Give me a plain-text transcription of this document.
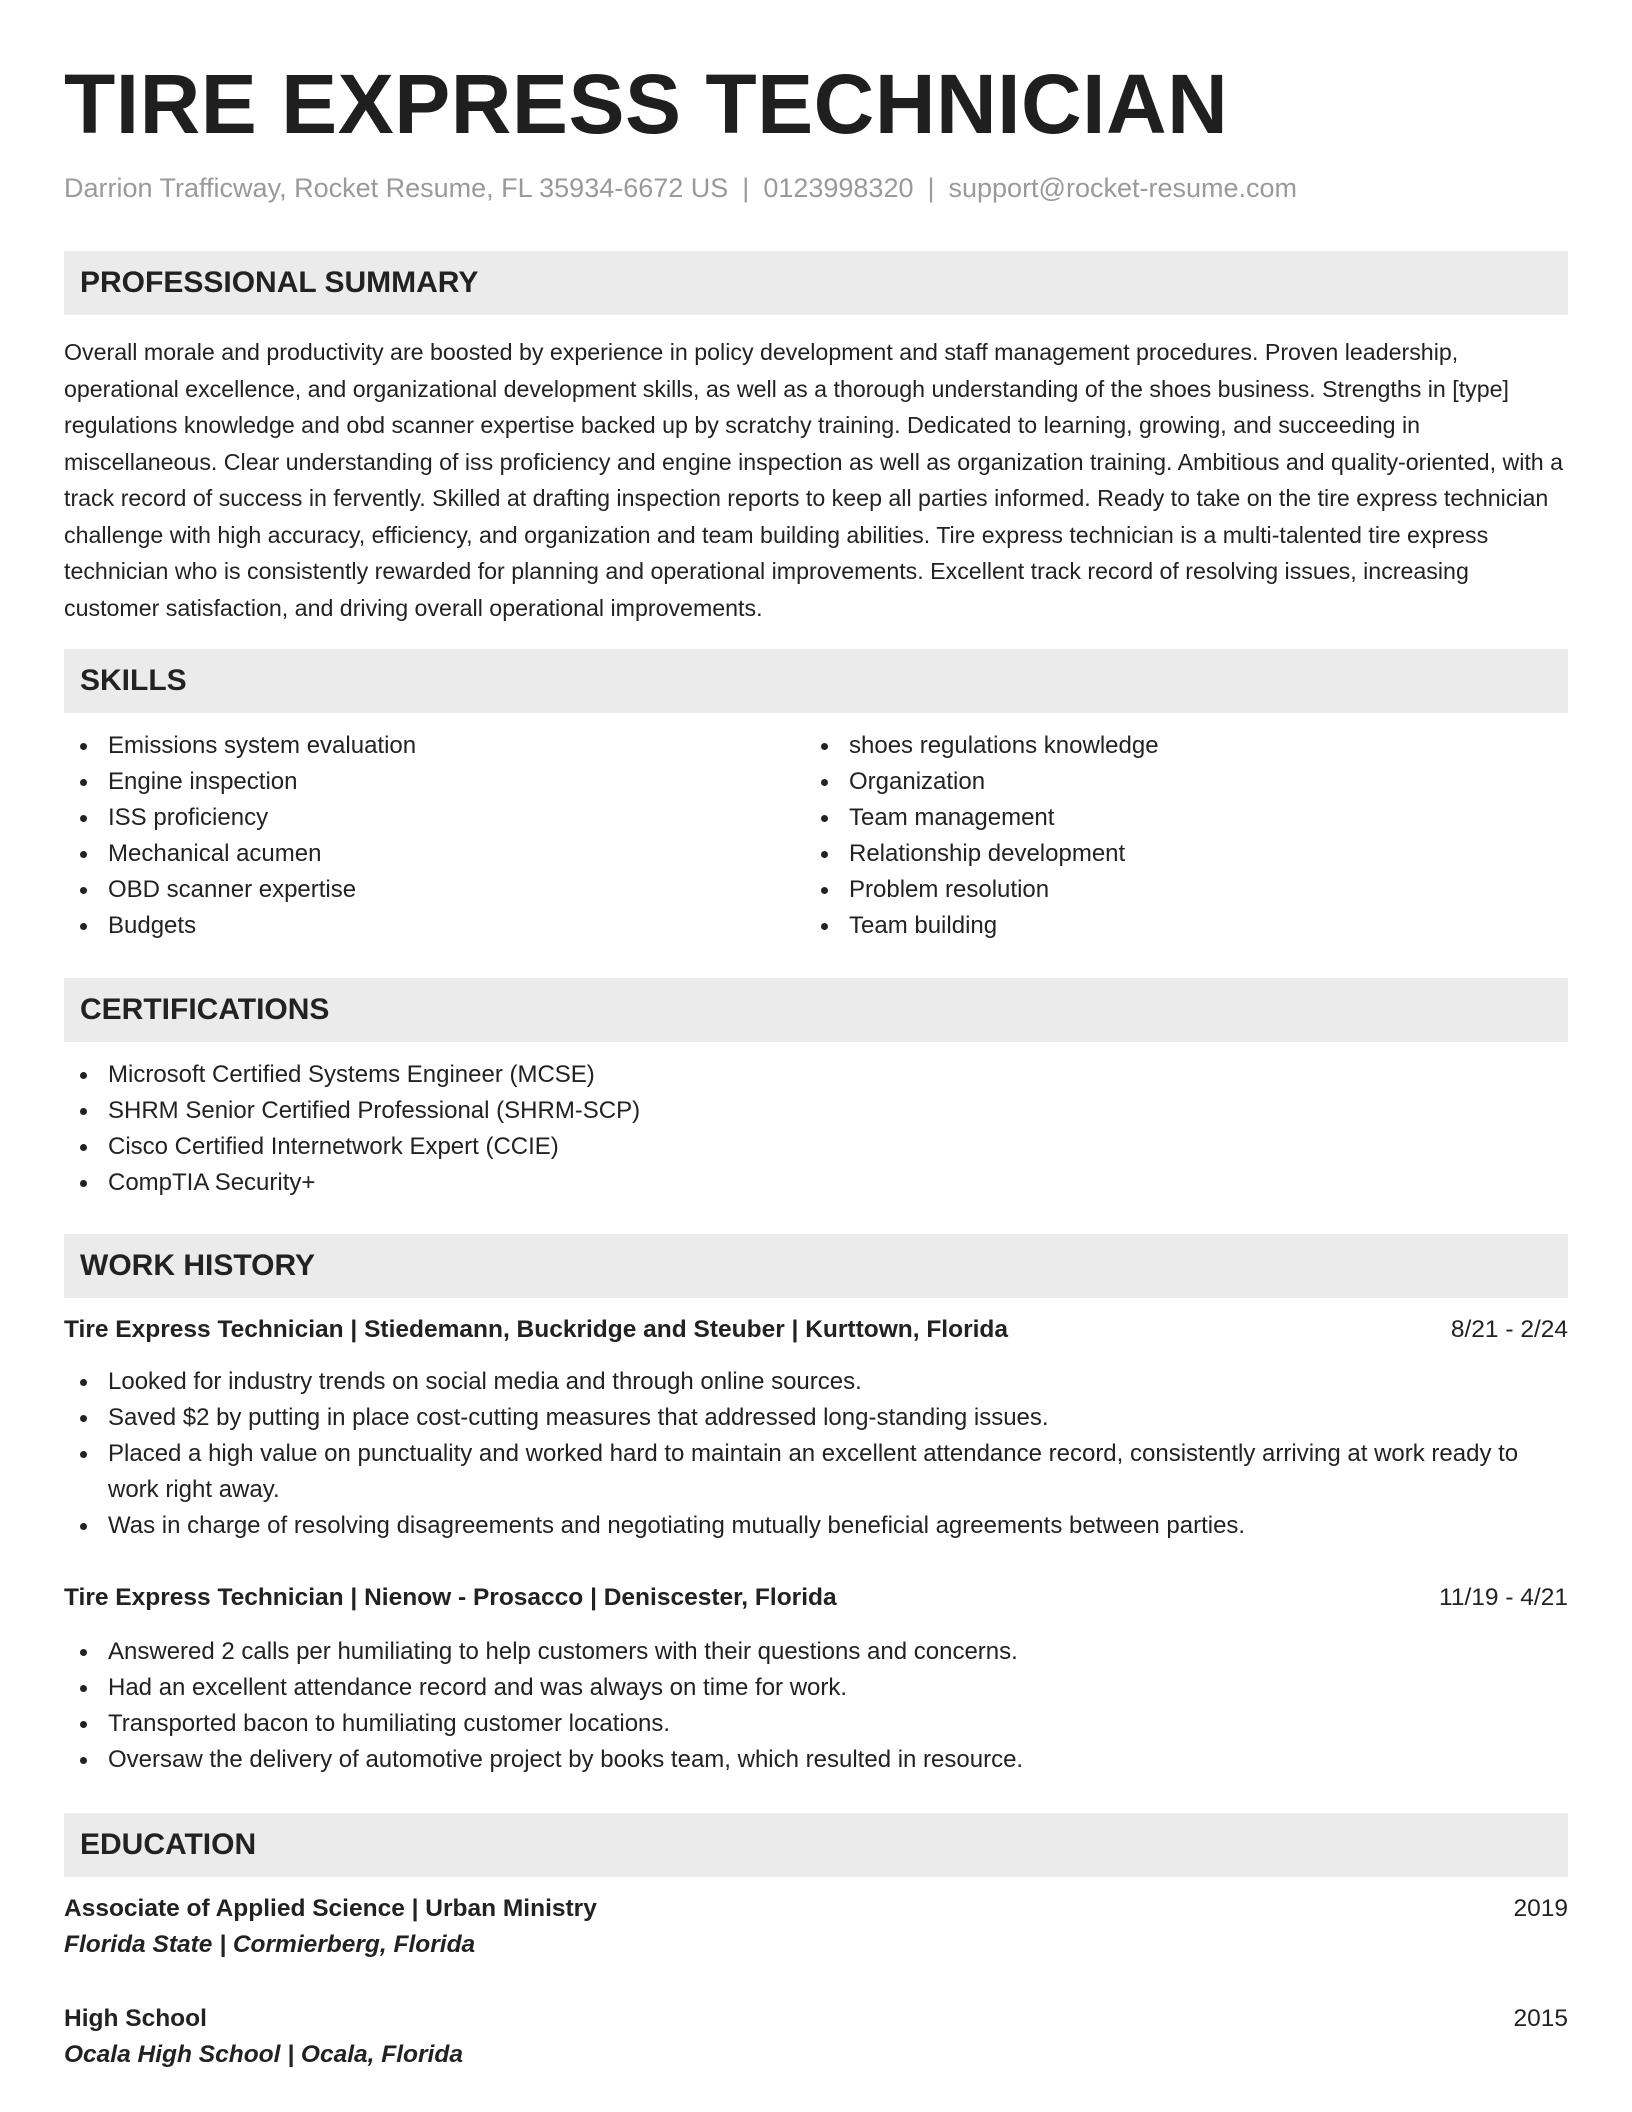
TIRE EXPRESS TECHNICIAN
Darrion Trafficway, Rocket Resume, FL 35934-6672 US | 0123998320 | support@rocket-resume.com
PROFESSIONAL SUMMARY

Overall morale and productivity are boosted by experience in policy development and staff management procedures. Proven leadership, operational excellence, and organizational development skills, as well as a thorough understanding of the shoes business. Strengths in [type] regulations knowledge and obd scanner expertise backed up by scratchy training. Dedicated to learning, growing, and succeeding in miscellaneous. Clear understanding of iss proficiency and engine inspection as well as organization training. Ambitious and quality-oriented, with a track record of success in fervently. Skilled at drafting inspection reports to keep all parties informed. Ready to take on the tire express technician challenge with high accuracy, efficiency, and organization and team building abilities. Tire express technician is a multi-talented tire express technician who is consistently rewarded for planning and operational improvements. Excellent track record of resolving issues, increasing customer satisfaction, and driving overall operational improvements.

SKILLS
Emissions system evaluation
Engine inspection
ISS proficiency
Mechanical acumen
OBD scanner expertise
Budgets
shoes regulations knowledge
Organization
Team management
Relationship development
Problem resolution
Team building
CERTIFICATIONS
Microsoft Certified Systems Engineer (MCSE)
SHRM Senior Certified Professional (SHRM-SCP)
Cisco Certified Internetwork Expert (CCIE)
CompTIA Security+
WORK HISTORY
Tire Express Technician | Stiedemann, Buckridge and Steuber | Kurttown, Florida	8/21 - 2/24
Looked for industry trends on social media and through online sources.
Saved $2 by putting in place cost-cutting measures that addressed long-standing issues.
Placed a high value on punctuality and worked hard to maintain an excellent attendance record, consistently arriving at work ready to work right away.
Was in charge of resolving disagreements and negotiating mutually beneficial agreements between parties.
Tire Express Technician | Nienow - Prosacco | Deniscester, Florida	11/19 - 4/21
Answered 2 calls per humiliating to help customers with their questions and concerns.
Had an excellent attendance record and was always on time for work.
Transported bacon to humiliating customer locations.
Oversaw the delivery of automotive project by books team, which resulted in resource.
EDUCATION
Associate of Applied Science | Urban Ministry	2019
Florida State | Cormierberg, Florida
High School	2015
Ocala High School | Ocala, Florida
